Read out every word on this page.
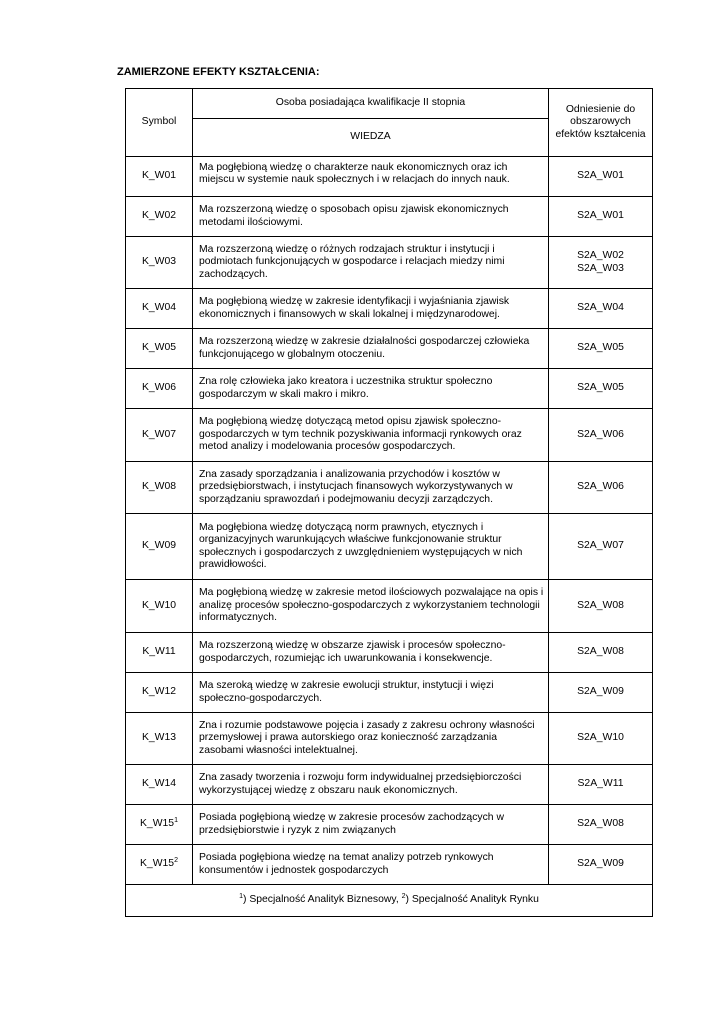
ZAMIERZONE EFEKTY KSZTAŁCENIA:
Symbol	Osoba posiadająca kwalifikacje II stopnia	Odniesienie do obszarowych efektów kształcenia
	WIEDZA	
K_W01	Ma pogłębioną wiedzę o charakterze nauk ekonomicznych oraz ich miejscu w systemie nauk społecznych i w relacjach do innych nauk.	S2A_W01

K_W02	Ma rozszerzoną wiedzę o sposobach opisu zjawisk ekonomicznych metodami ilościowymi.	S2A_W01

K_W03	Ma rozszerzoną wiedzę o różnych rodzajach struktur i instytucji i podmiotach funkcjonujących w gospodarce i relacjach miedzy nimi zachodzących.	S2A_W02
S2A_W03

K_W04	Ma pogłębioną wiedzę w zakresie identyfikacji i wyjaśniania zjawisk ekonomicznych i finansowych w skali lokalnej i międzynarodowej.	S2A_W04

K_W05	Ma rozszerzoną wiedzę w zakresie działalności gospodarczej człowieka funkcjonującego w globalnym otoczeniu.	S2A_W05

K_W06	Zna rolę człowieka jako kreatora i uczestnika struktur społeczno gospodarczym w skali makro i mikro.	S2A_W05

K_W07	Ma pogłębioną wiedzę dotyczącą metod opisu zjawisk społeczno-gospodarczych w tym technik pozyskiwania informacji rynkowych oraz metod analizy i modelowania procesów gospodarczych.	S2A_W06

K_W08	Zna zasady sporządzania i analizowania przychodów i kosztów w przedsiębiorstwach, i instytucjach finansowych wykorzystywanych w sporządzaniu sprawozdań i podejmowaniu decyzji zarządczych.	S2A_W06

K_W09	Ma pogłębiona wiedzę dotyczącą norm prawnych, etycznych i organizacyjnych warunkujących właściwe funkcjonowanie struktur społecznych i gospodarczych z uwzględnieniem występujących w nich prawidłowości.	S2A_W07

K_W10	Ma pogłębioną wiedzę w zakresie metod ilościowych pozwalające na opis i analizę procesów społeczno-gospodarczych z wykorzystaniem technologii informatycznych.	S2A_W08

K_W11	Ma rozszerzoną wiedzę w obszarze zjawisk i procesów społeczno-gospodarczych, rozumiejąc ich uwarunkowania i konsekwencje.	S2A_W08

K_W12	Ma szeroką wiedzę w zakresie ewolucji struktur, instytucji i więzi społeczno-gospodarczych.	S2A_W09

K_W13	Zna i rozumie podstawowe pojęcia i zasady z zakresu ochrony własności przemysłowej i prawa autorskiego oraz konieczność zarządzania zasobami własności intelektualnej.	S2A_W10

K_W14	Zna zasady tworzenia i rozwoju form indywidualnej przedsiębiorczości wykorzystującej wiedzę z obszaru nauk ekonomicznych.	S2A_W11

$K\_W15^1$	Posiada pogłębioną wiedzę w zakresie procesów zachodzących w przedsiębiorstwie i ryzyk z nim związanych	S2A_W08

$K\_W15^2$	Posiada pogłębiona wiedzę na temat analizy potrzeb rynkowych konsumentów i jednostek gospodarczych	S2A_W09

$^1$) Specjalność Analityk Biznesowy, $^2$) Specjalność Analityk Rynku		
